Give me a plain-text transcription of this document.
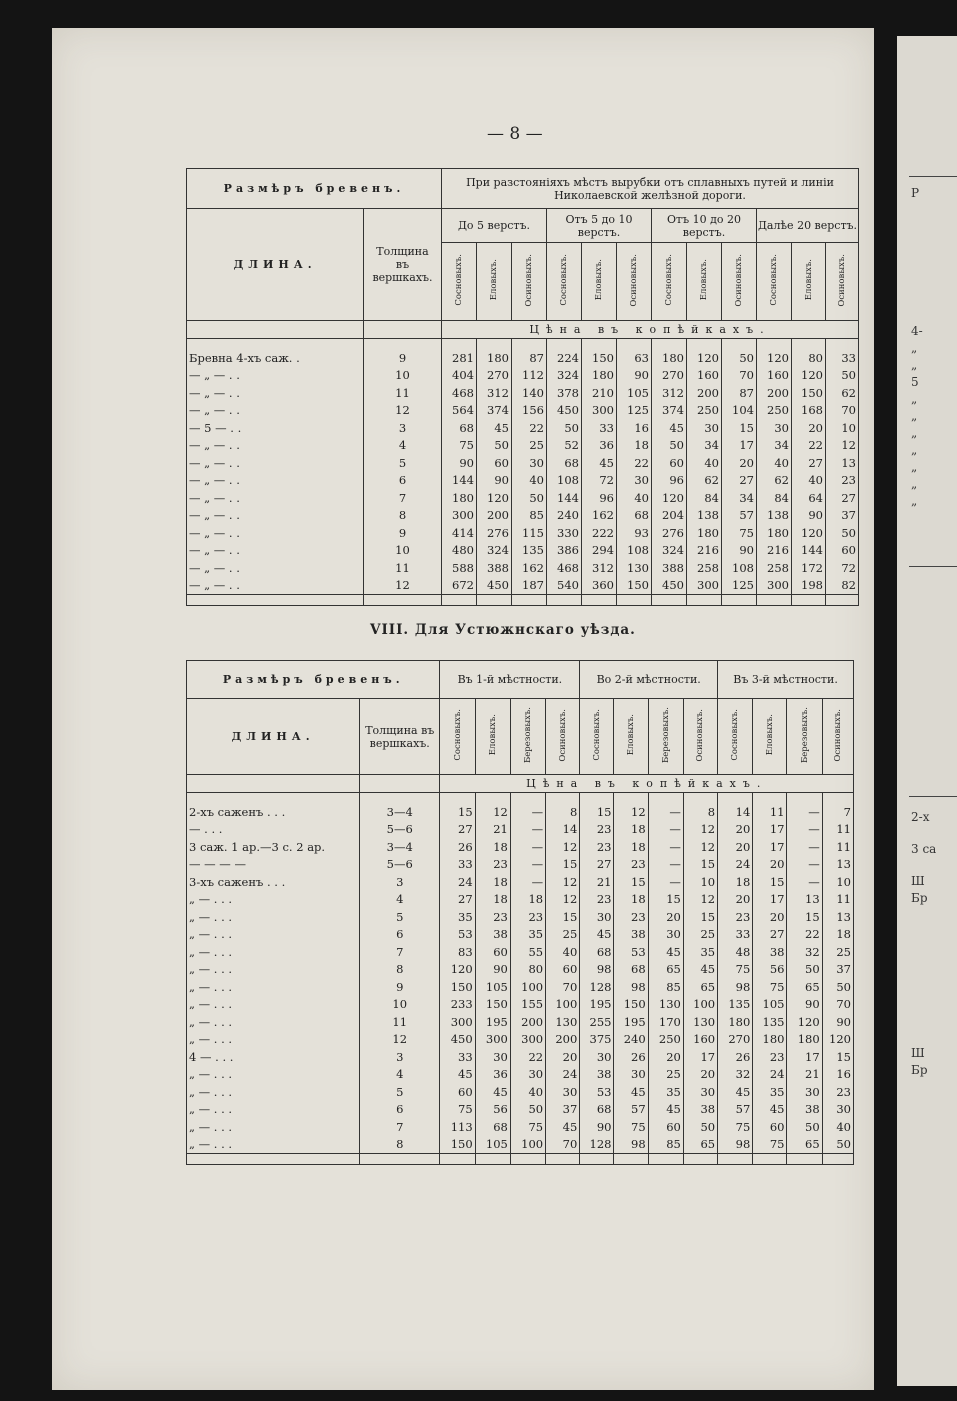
Р
4-
„
„
5
„
„
„
„
„
„
„
2-х
3 са
Ш
Бр
Ш
Бр
— 8 —
Размѣръ бревенъ.		При разстояніяхъ мѣстъ вырубки отъ сплавныхъ путей и линіи Николаевской желѣзной дороги.											
ДЛИНА.	Толщина въ вершкахъ.	До 5 верстъ.			Отъ 5 до 10 верстъ.			Отъ 10 до 20 верстъ.			Далѣе 20 верстъ.		
		Сосновыхъ.	Еловыхъ.	Осиновыхъ.	Сосновыхъ.	Еловыхъ.	Осиновыхъ.	Сосновыхъ.	Еловыхъ.	Осиновыхъ.	Сосновыхъ.	Еловыхъ.	Осиновыхъ.
		Цѣна въ копѣйкахъ.											

Бревна 4-хъ саж. .	9	281	180	87	224	150	63	180	120	50	120	80	33
— „ — . .	10	404	270	112	324	180	90	270	160	70	160	120	50
— „ — . .	11	468	312	140	378	210	105	312	200	87	200	150	62
— „ — . .	12	564	374	156	450	300	125	374	250	104	250	168	70
— 5 — . .	3	68	45	22	50	33	16	45	30	15	30	20	10
— „ — . .	4	75	50	25	52	36	18	50	34	17	34	22	12
— „ — . .	5	90	60	30	68	45	22	60	40	20	40	27	13
— „ — . .	6	144	90	40	108	72	30	96	62	27	62	40	23
— „ — . .	7	180	120	50	144	96	40	120	84	34	84	64	27
— „ — . .	8	300	200	85	240	162	68	204	138	57	138	90	37
— „ — . .	9	414	276	115	330	222	93	276	180	75	180	120	50
— „ — . .	10	480	324	135	386	294	108	324	216	90	216	144	60
— „ — . .	11	588	388	162	468	312	130	388	258	108	258	172	72
— „ — . .	12	672	450	187	540	360	150	450	300	125	300	198	82

VIII. Для Устюжнскаго уѣзда.
Размѣръ бревенъ.		Въ 1-й мѣстности.				Во 2-й мѣстности.				Въ 3-й мѣстности.			
ДЛИНА.	Толщина въ вершкахъ.	Сосновыхъ.	Еловыхъ.	Березовыхъ.	Осиновыхъ.	Сосновыхъ.	Еловыхъ.	Березовыхъ.	Осиновыхъ.	Сосновыхъ.	Еловыхъ.	Березовыхъ.	Осиновыхъ.
		Цѣна въ копѣйкахъ.											

2-хъ саженъ . . .	3—4	15	12	—	8	15	12	—	8	14	11	—	7
— . . .	5—6	27	21	—	14	23	18	—	12	20	17	—	11
3 саж. 1 ар.—3 с. 2 ар.	3—4	26	18	—	12	23	18	—	12	20	17	—	11
— — — —	5—6	33	23	—	15	27	23	—	15	24	20	—	13
3-хъ саженъ . . .	3	24	18	—	12	21	15	—	10	18	15	—	10
„ — . . .	4	27	18	18	12	23	18	15	12	20	17	13	11
„ — . . .	5	35	23	23	15	30	23	20	15	23	20	15	13
„ — . . .	6	53	38	35	25	45	38	30	25	33	27	22	18
„ — . . .	7	83	60	55	40	68	53	45	35	48	38	32	25
„ — . . .	8	120	90	80	60	98	68	65	45	75	56	50	37
„ — . . .	9	150	105	100	70	128	98	85	65	98	75	65	50
„ — . . .	10	233	150	155	100	195	150	130	100	135	105	90	70
„ — . . .	11	300	195	200	130	255	195	170	130	180	135	120	90
„ — . . .	12	450	300	300	200	375	240	250	160	270	180	180	120
4 — . . .	3	33	30	22	20	30	26	20	17	26	23	17	15
„ — . . .	4	45	36	30	24	38	30	25	20	32	24	21	16
„ — . . .	5	60	45	40	30	53	45	35	30	45	35	30	23
„ — . . .	6	75	56	50	37	68	57	45	38	57	45	38	30
„ — . . .	7	113	68	75	45	90	75	60	50	75	60	50	40
„ — . . .	8	150	105	100	70	128	98	85	65	98	75	65	50
